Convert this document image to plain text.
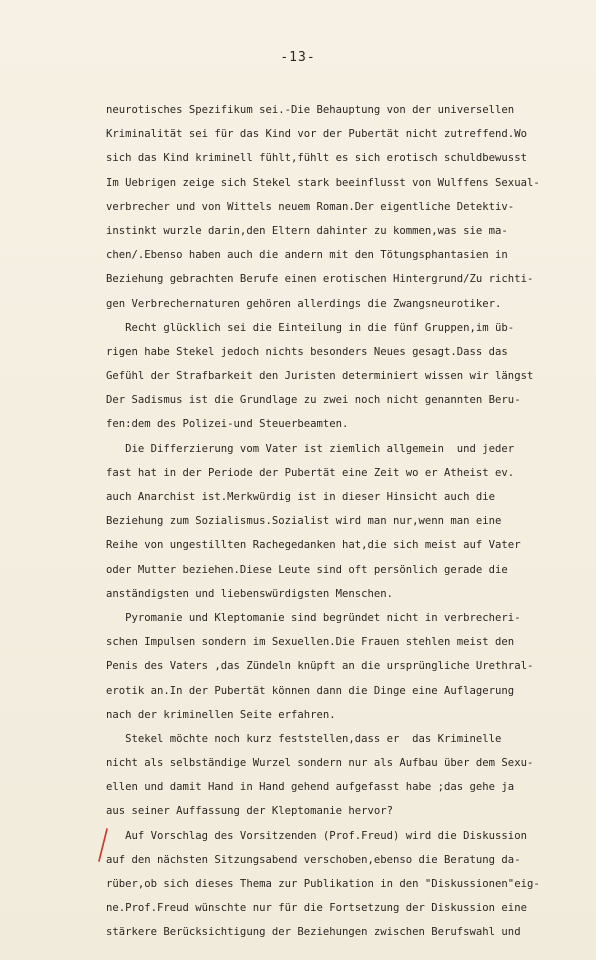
-13-
neurotisches Spezifikum sei.-Die Behauptung von der universellen
Kriminalität sei für das Kind vor der Pubertät nicht zutreffend.Wo
sich das Kind kriminell fühlt,fühlt es sich erotisch schuldbewusst
Im Uebrigen zeige sich Stekel stark beeinflusst von Wulffens Sexual-
verbrecher und von Wittels neuem Roman.Der eigentliche Detektiv-
instinkt wurzle darin,den Eltern dahinter zu kommen,was sie ma-
chen/.Ebenso haben auch die andern mit den Tötungsphantasien in
Beziehung gebrachten Berufe einen erotischen Hintergrund/Zu richti-
gen Verbrechernaturen gehören allerdings die Zwangsneurotiker.
Recht glücklich sei die Einteilung in die fünf Gruppen,im üb-
rigen habe Stekel jedoch nichts besonders Neues gesagt.Dass das
Gefühl der Strafbarkeit den Juristen determiniert wissen wir längst
Der Sadismus ist die Grundlage zu zwei noch nicht genannten Beru-
fen:dem des Polizei-und Steuerbeamten.
Die Differzierung vom Vater ist ziemlich allgemein  und jeder
fast hat in der Periode der Pubertät eine Zeit wo er Atheist ev.
auch Anarchist ist.Merkwürdig ist in dieser Hinsicht auch die
Beziehung zum Sozialismus.Sozialist wird man nur,wenn man eine
Reihe von ungestillten Rachegedanken hat,die sich meist auf Vater
oder Mutter beziehen.Diese Leute sind oft persönlich gerade die
anständigsten und liebenswürdigsten Menschen.
Pyromanie und Kleptomanie sind begründet nicht in verbrecheri-
schen Impulsen sondern im Sexuellen.Die Frauen stehlen meist den
Penis des Vaters ,das Zündeln knüpft an die ursprüngliche Urethral-
erotik an.In der Pubertät können dann die Dinge eine Auflagerung
nach der kriminellen Seite erfahren.
Stekel möchte noch kurz feststellen,dass er  das Kriminelle
nicht als selbständige Wurzel sondern nur als Aufbau über dem Sexu-
ellen und damit Hand in Hand gehend aufgefasst habe ;das gehe ja
aus seiner Auffassung der Kleptomanie hervor?
Auf Vorschlag des Vorsitzenden (Prof.Freud) wird die Diskussion
auf den nächsten Sitzungsabend verschoben,ebenso die Beratung da-
rüber,ob sich dieses Thema zur Publikation in den "Diskussionen"eig-
ne.Prof.Freud wünschte nur für die Fortsetzung der Diskussion eine
stärkere Berücksichtigung der Beziehungen zwischen Berufswahl und
